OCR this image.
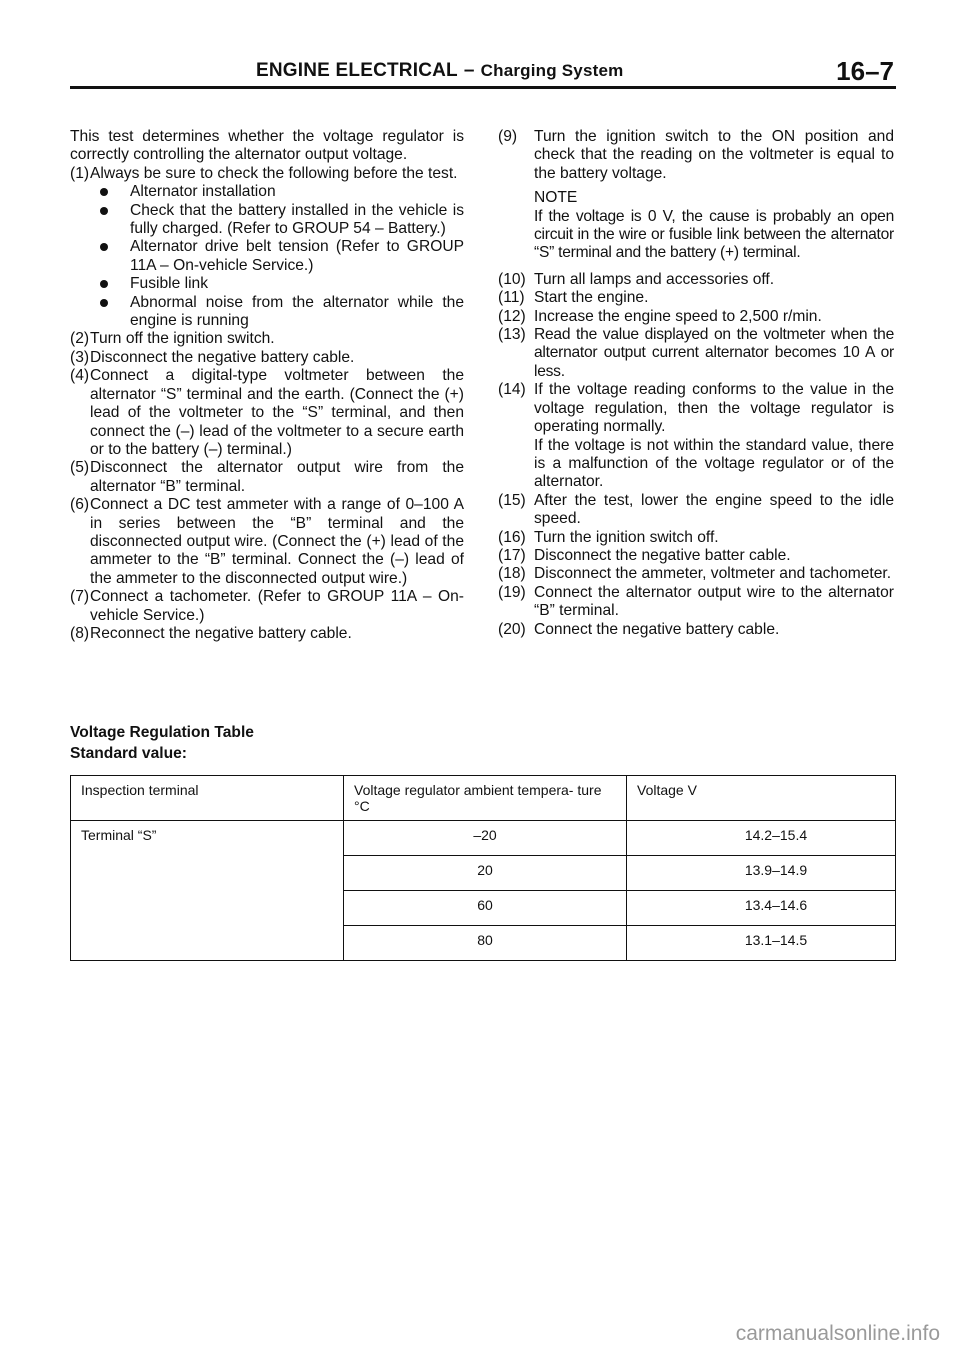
ENGINE ELECTRICAL – Charging System	16–7

This test determines whether the voltage regulator is correctly controlling the alternator output voltage.

(1) Always be sure to check the following before the test.
Alternator installation
Check that the battery installed in the vehicle is fully charged. (Refer to GROUP 54 – Battery.)
Alternator drive belt tension (Refer to GROUP 11A – On-vehicle Service.)
Fusible link
Abnormal noise from the alternator while the engine is running
(2) Turn off the ignition switch.
(3) Disconnect the negative battery cable.
(4) Connect a digital-type voltmeter between the alternator “S” terminal and the earth. (Connect the (+) lead of the voltmeter to the “S” terminal, and then connect the (–) lead of the voltmeter to a secure earth or to the battery (–) terminal.)
(5) Disconnect the alternator output wire from the alternator “B” terminal.
(6) Connect a DC test ammeter with a range of 0–100 A in series between the “B” terminal and the disconnected output wire. (Connect the (+) lead of the ammeter to the “B” terminal. Connect the (–) lead of the ammeter to the disconnected output wire.)
(7) Connect a tachometer. (Refer to GROUP 11A – On-vehicle Service.)
(8) Reconnect the negative battery cable.
(9) Turn the ignition switch to the ON position and check that the reading on the voltmeter is equal to the battery voltage.
NOTE
If the voltage is 0 V, the cause is probably an open circuit in the wire or fusible link between the alternator “S” terminal and the battery (+) terminal.
(10) Turn all lamps and accessories off.
(11) Start the engine.
(12) Increase the engine speed to 2,500 r/min.
(13) Read the value displayed on the voltmeter when the alternator output current alternator becomes 10 A or less.
(14) If the voltage reading conforms to the value in the voltage regulation, then the voltage regulator is operating normally.
If the voltage is not within the standard value, there is a malfunction of the voltage regulator or of the alternator.
(15) After the test, lower the engine speed to the idle speed.
(16) Turn the ignition switch off.
(17) Disconnect the negative batter cable.
(18) Disconnect the ammeter, voltmeter and tachometer.
(19) Connect the alternator output wire to the alternator “B” terminal.
(20) Connect the negative battery cable.
Voltage Regulation Table
Standard value:
Inspection terminal	Voltage regulator ambient tempera- ture °C	Voltage V
Terminal “S”	–20	14.2–15.4
	20	13.9–14.9
	60	13.4–14.6
	80	13.1–14.5
carmanualsonline.info
